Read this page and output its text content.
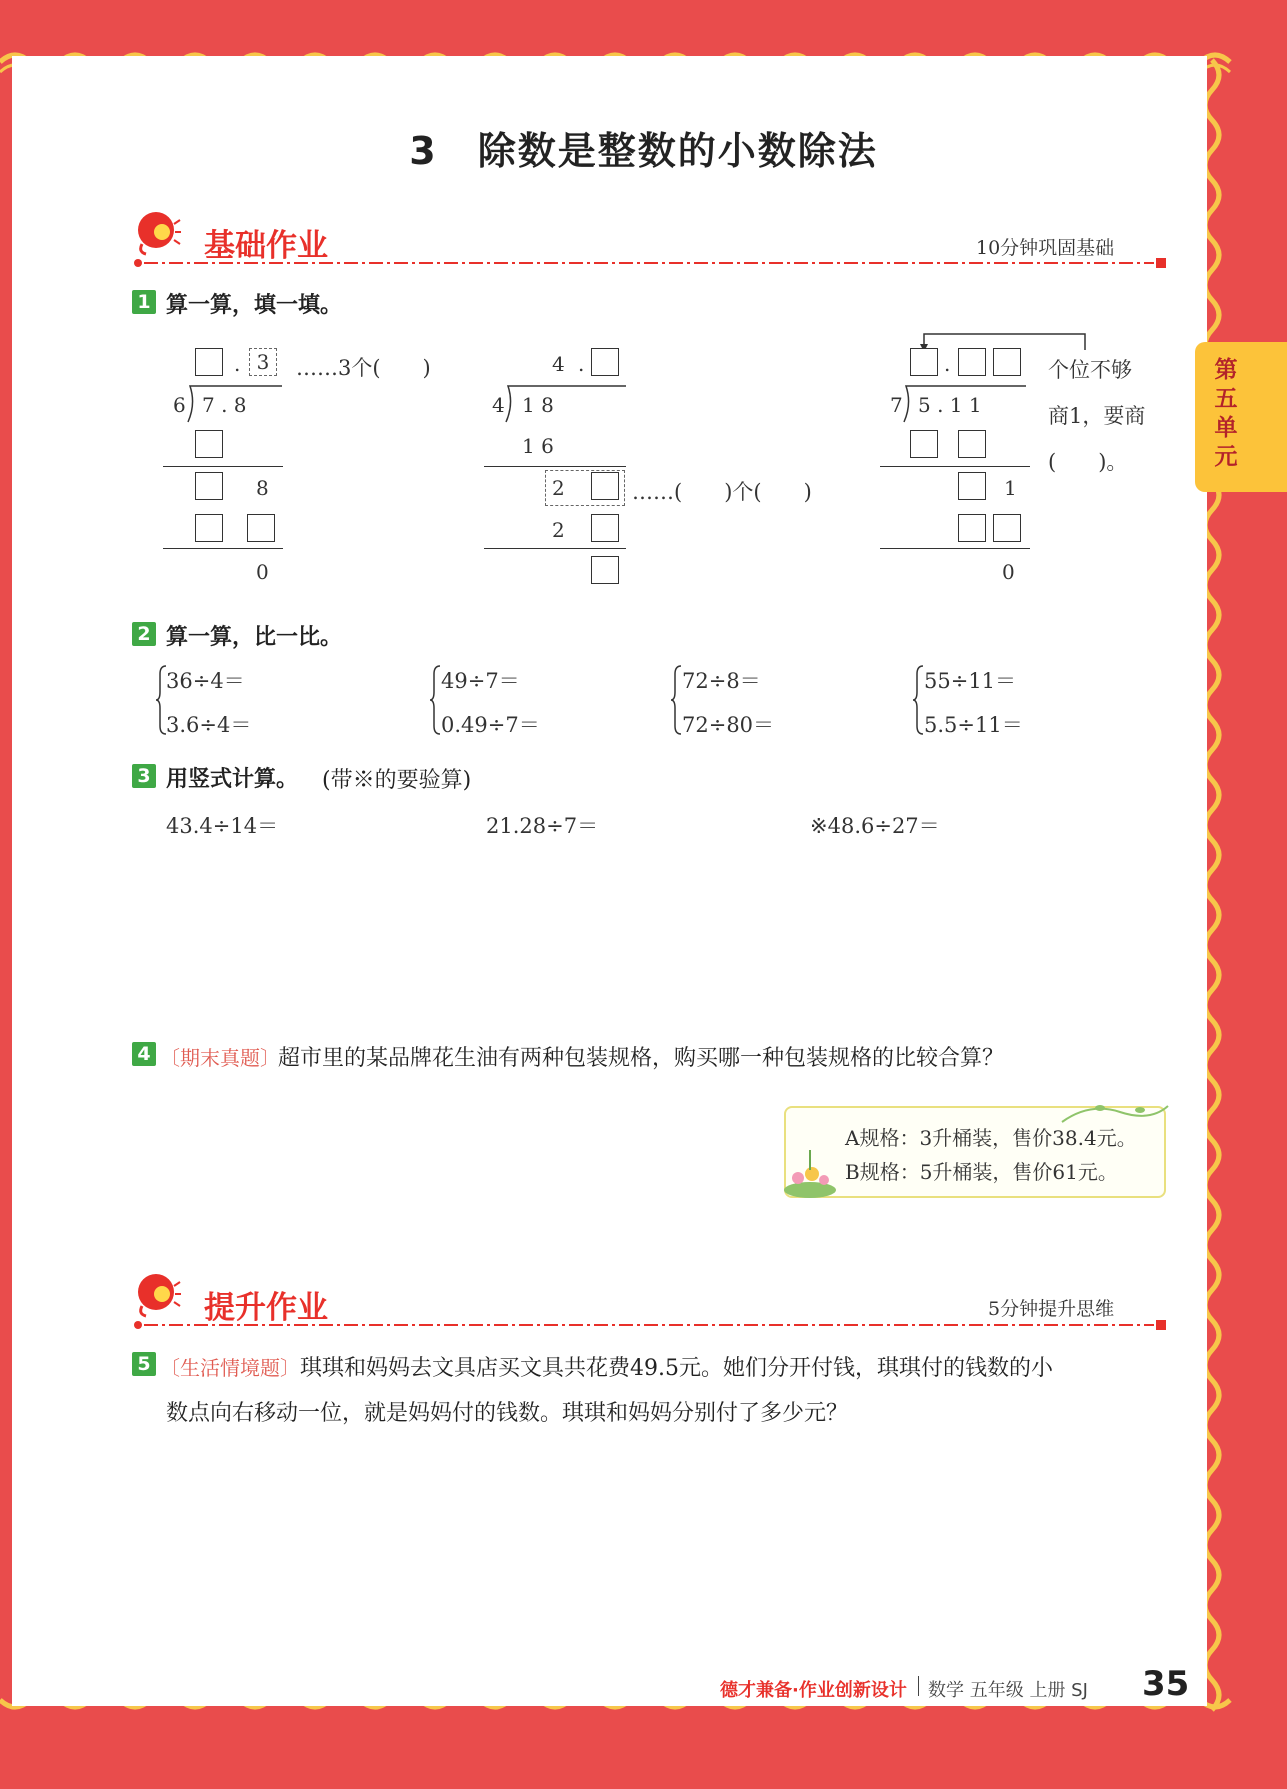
3　除数是整数的小数除法
第五单元
基础作业	10分钟巩固基础
1 算一算，填一填。
. 3	……3个(　　)
6 7 . 8
8
0
4 .
4 1 8
1 6
2	……(　　)个(　　)
2
.	个位不够
7 5 . 1 1	商1，要商
(　　)。
1
0
2 算一算，比一比。
36÷4＝
3.6÷4＝
49÷7＝
0.49÷7＝
72÷8＝
72÷80＝
55÷11＝
5.5÷11＝
3 用竖式计算。 (带※的要验算)
43.4÷14＝	21.28÷7＝	※48.6÷27＝
4 〔期末真题〕
超市里的某品牌花生油有两种包装规格，购买哪一种包装规格的比较合算？
A规格：3升桶装，售价38.4元。
B规格：5升桶装，售价61元。
提升作业	5分钟提升思维
5 〔生活情境题〕 琪琪和妈妈去文具店买文具共花费49.5元。她们分开付钱，琪琪付的钱数的小
数点向右移动一位，就是妈妈付的钱数。琪琪和妈妈分别付了多少元？
德才兼备·作业创新设计 数学 五年级 上册 SJ 35
